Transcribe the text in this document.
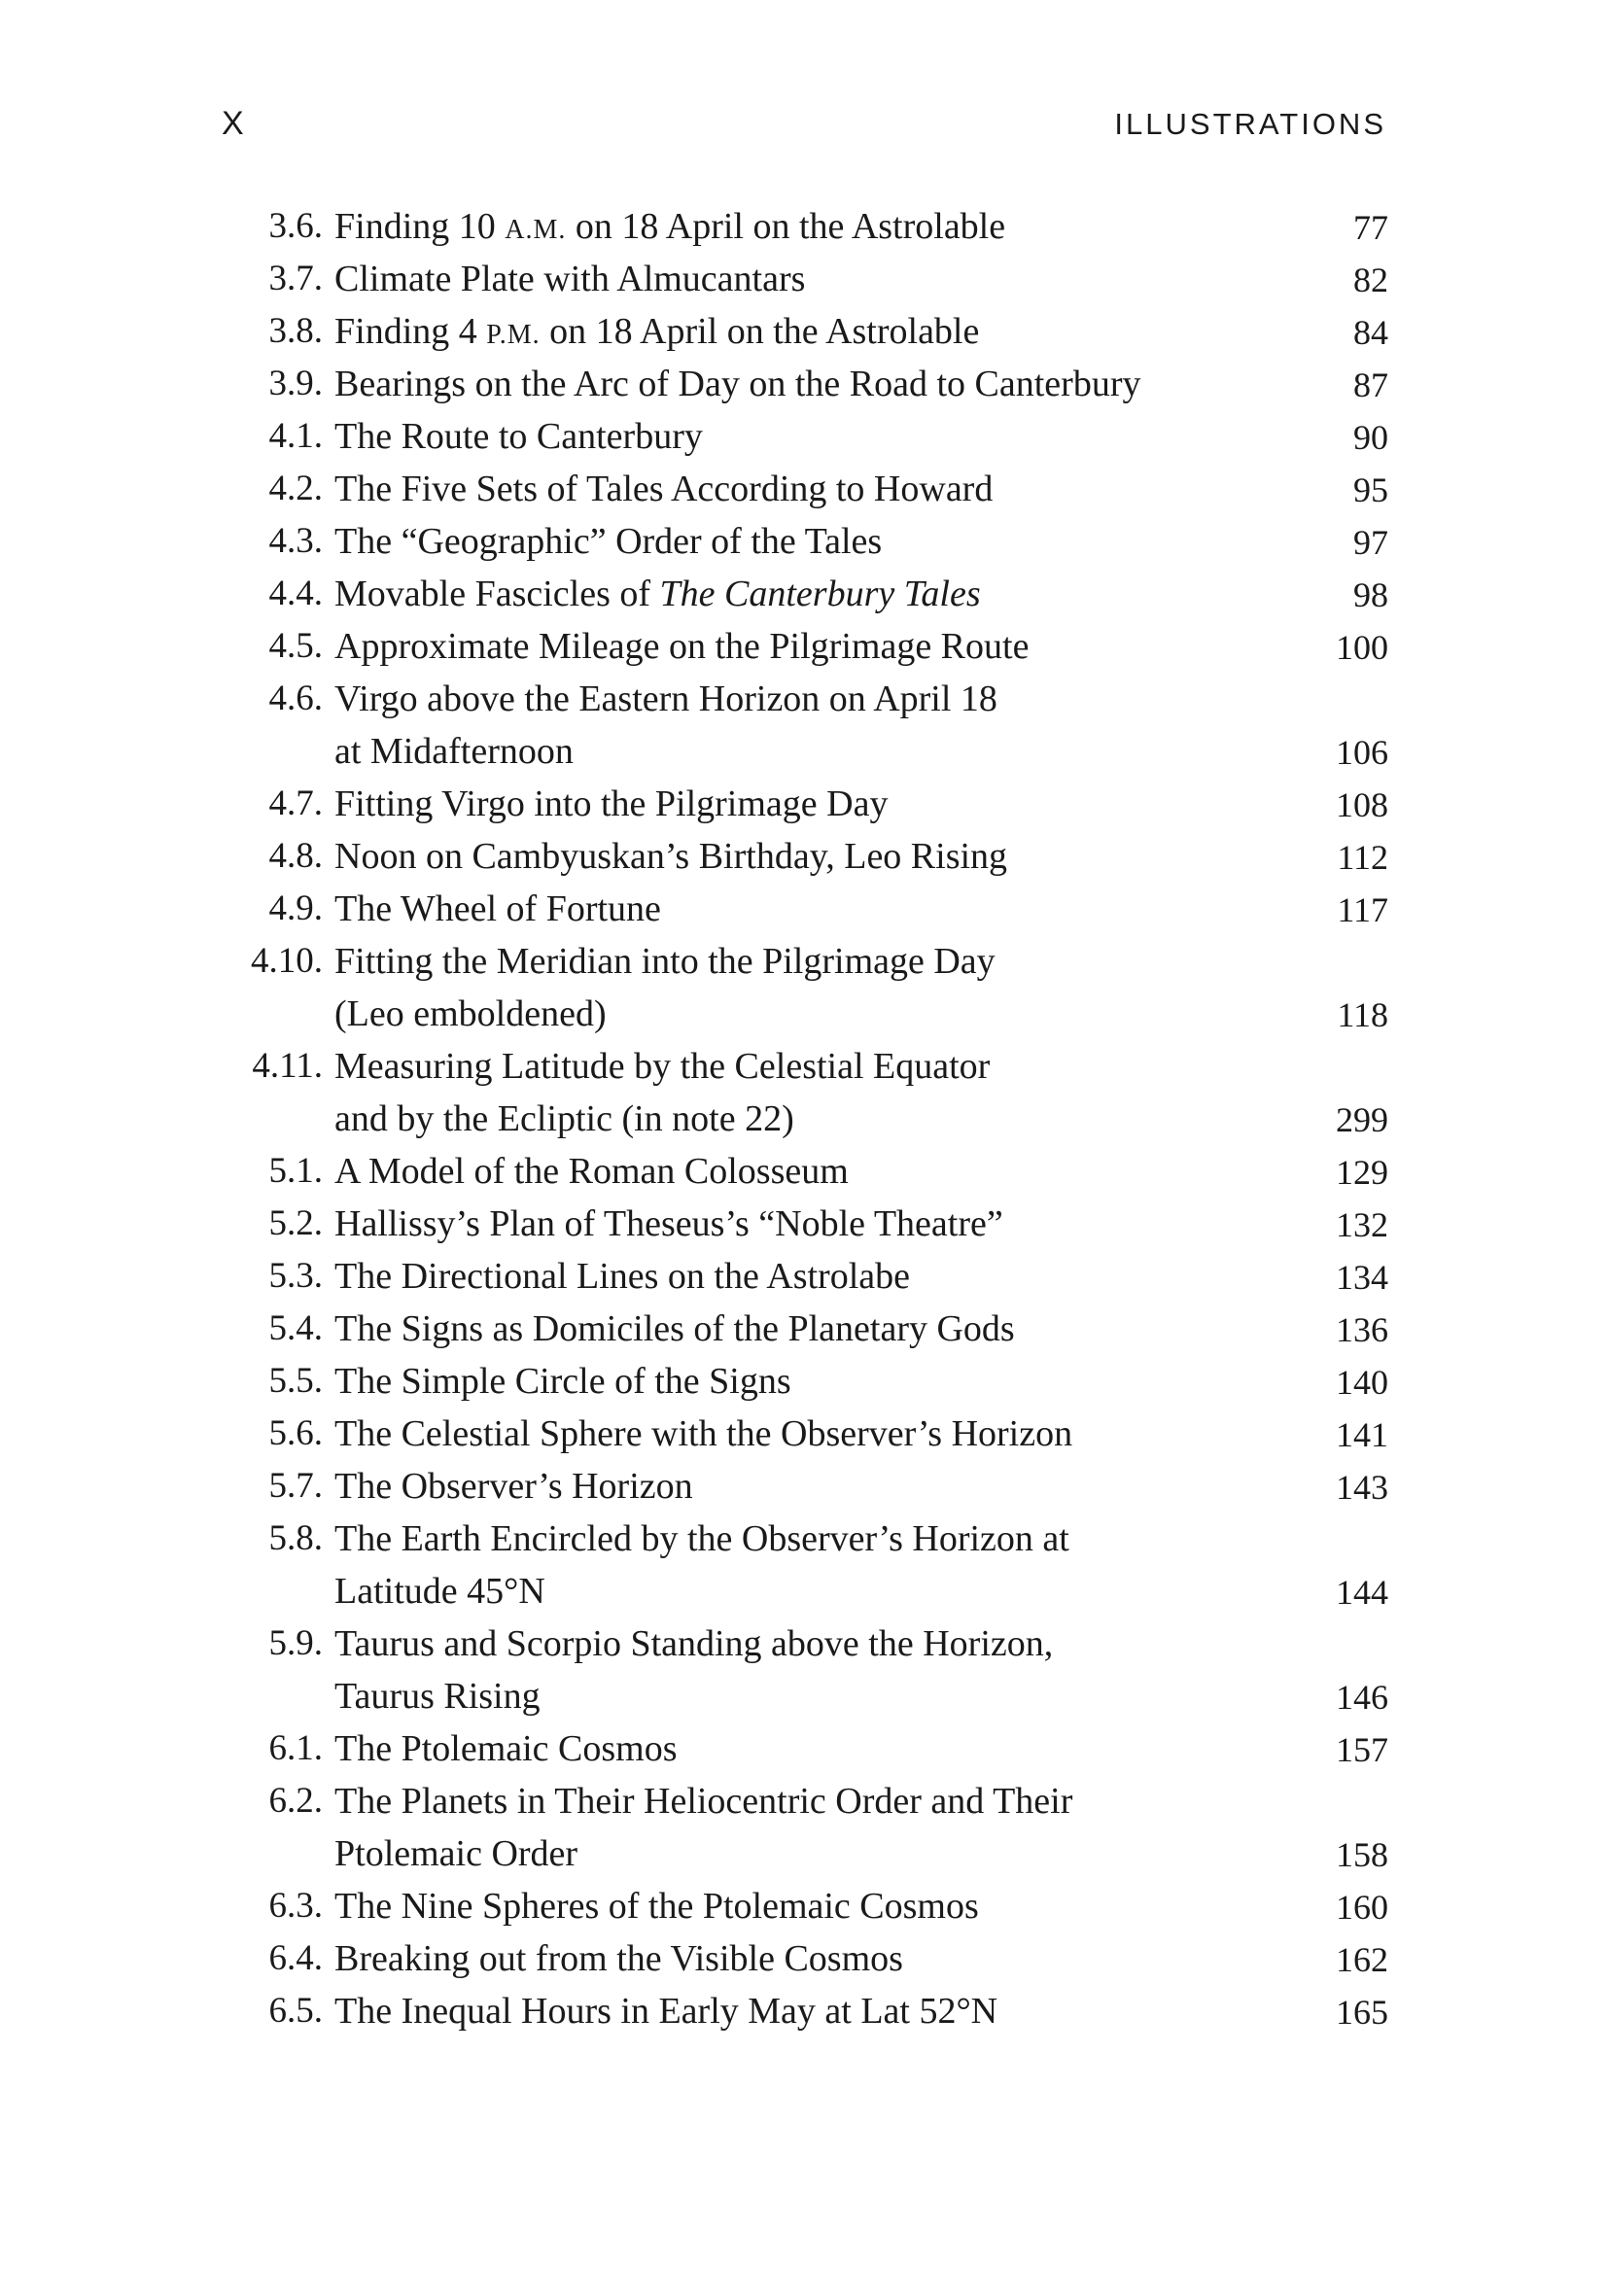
X	ILLUSTRATIONS
3.6. Finding 10 A.M. on 18 April on the Astrolable	77
3.7. Climate Plate with Almucantars	82
3.8. Finding 4 P.M. on 18 April on the Astrolable	84
3.9. Bearings on the Arc of Day on the Road to Canterbury	87
4.1. The Route to Canterbury	90
4.2. The Five Sets of Tales According to Howard	95
4.3. The “Geographic” Order of the Tales	97
4.4. Movable Fascicles of The Canterbury Tales	98
4.5. Approximate Mileage on the Pilgrimage Route	100
4.6. Virgo above the Eastern Horizon on April 18
at Midafternoon	106
4.7. Fitting Virgo into the Pilgrimage Day	108
4.8. Noon on Cambyuskan’s Birthday, Leo Rising	112
4.9. The Wheel of Fortune	117
4.10. Fitting the Meridian into the Pilgrimage Day
(Leo emboldened)	118
4.11. Measuring Latitude by the Celestial Equator
and by the Ecliptic (in note 22)	299
5.1. A Model of the Roman Colosseum	129
5.2. Hallissy’s Plan of Theseus’s “Noble Theatre”	132
5.3. The Directional Lines on the Astrolabe	134
5.4. The Signs as Domiciles of the Planetary Gods	136
5.5. The Simple Circle of the Signs	140
5.6. The Celestial Sphere with the Observer’s Horizon	141
5.7. The Observer’s Horizon	143
5.8. The Earth Encircled by the Observer’s Horizon at
Latitude 45°N	144
5.9. Taurus and Scorpio Standing above the Horizon,
Taurus Rising	146
6.1. The Ptolemaic Cosmos	157
6.2. The Planets in Their Heliocentric Order and Their
Ptolemaic Order	158
6.3. The Nine Spheres of the Ptolemaic Cosmos	160
6.4. Breaking out from the Visible Cosmos	162
6.5. The Inequal Hours in Early May at Lat 52°N	165
